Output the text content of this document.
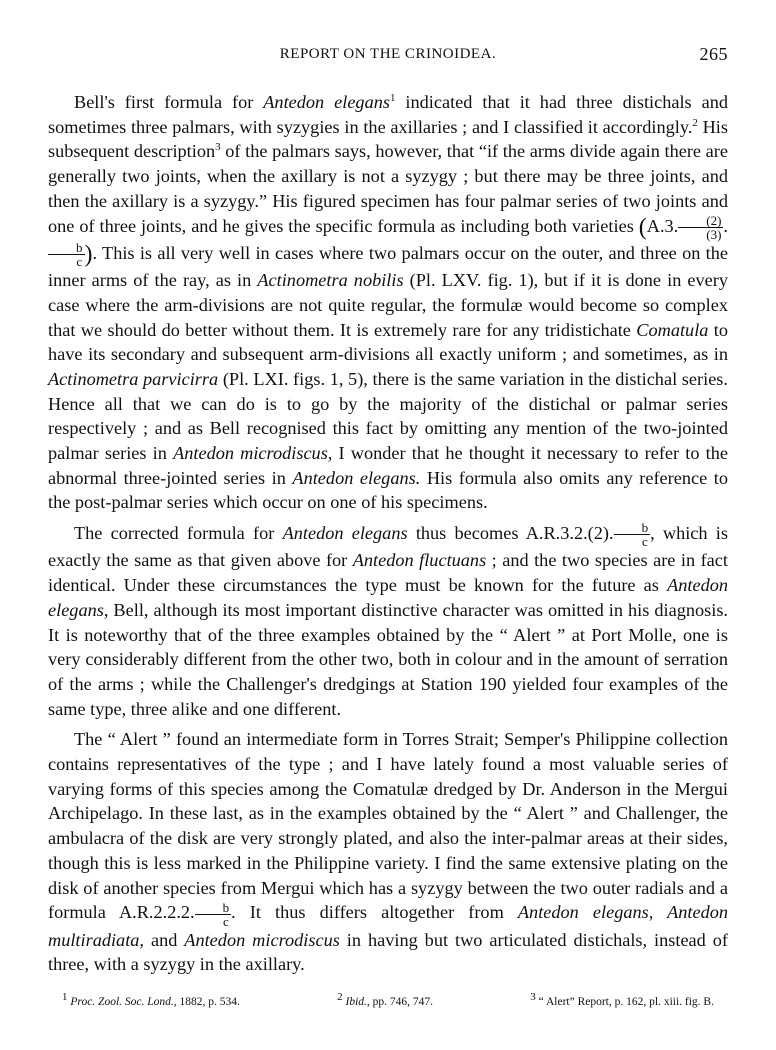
REPORT ON THE CRINOIDEA.	265

Bell's first formula for Antedon elegans$^1$ indicated that it had three distichals and sometimes three palmars, with syzygies in the axillaries ; and I classified it accordingly.$^2$ His subsequent description$^3$ of the palmars says, however, that “if the arms divide again there are generally two joints, when the axillary is not a syzygy ; but there may be three joints, and then the axillary is a syzygy.” His figured specimen has four palmar series of two joints and one of three joints, and he gives the specific formula as including both varieties (A.3. $\frac{(2)}{(3)}$ .
$\frac{b}{c}$ ). This is all very well in cases where two palmars occur on the outer, and three on the inner arms of the ray, as in Actinometra nobilis (Pl. LXV. fig. 1), but if it is done in every case where the arm-divisions are not quite regular, the formulæ would become so complex that we should do better without them. It is extremely rare for any tridistichate Comatula to have its secondary and subsequent arm-divisions all exactly uniform ; and sometimes, as in Actinometra parvicirra (Pl. LXI. figs. 1, 5), there is the same variation in the distichal series. Hence all that we can do is to go by the majority of the distichal or palmar series respectively ; and as Bell recognised this fact by omitting any mention of the two-jointed palmar series in Antedon microdiscus, I wonder that he thought it necessary to refer to the abnormal three-jointed series in Antedon elegans. His formula also omits any reference to the post-palmar series which occur on one of his specimens.

The corrected formula for Antedon elegans thus becomes A.R.3.2.(2). $\frac{b}{c}$ , which is exactly the same as that given above for Antedon fluctuans ; and the two species are in fact identical. Under these circumstances the type must be known for the future as Antedon elegans, Bell, although its most important distinctive character was omitted in his diagnosis. It is noteworthy that of the three examples obtained by the “ Alert ” at Port Molle, one is very considerably different from the other two, both in colour and in the amount of serration of the arms ; while the Challenger's dredgings at Station 190 yielded four examples of the same type, three alike and one different.

The “ Alert ” found an intermediate form in Torres Strait; Semper's Philippine collection contains representatives of the type ; and I have lately found a most valuable series of varying forms of this species among the Comatulæ dredged by Dr. Anderson in the Mergui Archipelago. In these last, as in the examples obtained by the “ Alert ” and Challenger, the ambulacra of the disk are very strongly plated, and also the inter-palmar areas at their sides, though this is less marked in the Philippine variety. I find the same extensive plating on the disk of another species from Mergui which has a syzygy between the two outer radials and a formula A.R.2.2.2. $\frac{b}{c}$ . It thus differs altogether from Antedon elegans, Antedon multiradiata, and Antedon microdiscus in having but two articulated distichals, instead of three, with a syzygy in the axillary.

$^1$ Proc. Zool. Soc. Lond., 1882, p. 534.	$^2$ Ibid., pp. 746, 747.	$^3$ “ Alert” Report, p. 162, pl. xiii. fig. B.
